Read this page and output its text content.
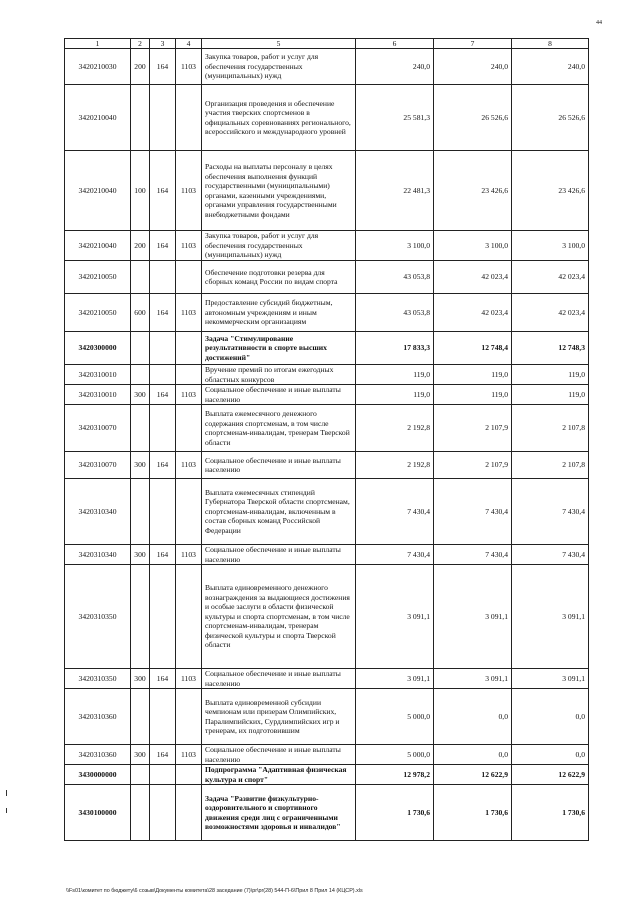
44
1	2	3	4	5	6	7	8
3420210030	200	164	1103	Закупка товаров, работ и услуг для обеспечения государственных (муниципальных) нужд	240,0	240,0	240,0
3420210040				Организация проведения и обеспечение участия тверских спортсменов в официальных соревнованиях регионального, всероссийского и международного уровней	25 581,3	26 526,6	26 526,6
3420210040	100	164	1103	Расходы на выплаты персоналу в целях обеспечения выполнения функций государственными (муниципальными) органами, казенными учреждениями, органами управления государственными внебюджетными фондами	22 481,3	23 426,6	23 426,6
3420210040	200	164	1103	Закупка товаров, работ и услуг для обеспечения государственных (муниципальных) нужд	3 100,0	3 100,0	3 100,0
3420210050				Обеспечение подготовки резерва для сборных команд России по видам спорта	43 053,8	42 023,4	42 023,4
3420210050	600	164	1103	Предоставление субсидий бюджетным, автономным учреждениям и иным некоммерческим организациям	43 053,8	42 023,4	42 023,4
3420300000				Задача "Стимулирование результативности в спорте высших достижений"	17 833,3	12 748,4	12 748,3
3420310010				Вручение премий по итогам ежегодных областных конкурсов	119,0	119,0	119,0
3420310010	300	164	1103	Социальное обеспечение и иные выплаты населению	119,0	119,0	119,0
3420310070				Выплата ежемесячного денежного содержания спортсменам, в том числе спортсменам-инвалидам, тренерам Тверской области	2 192,8	2 107,9	2 107,8
3420310070	300	164	1103	Социальное обеспечение и иные выплаты населению	2 192,8	2 107,9	2 107,8
3420310340				Выплата ежемесячных стипендий Губернатора Тверской области спортсменам, спортсменам-инвалидам, включенным в состав сборных команд Российской Федерации	7 430,4	7 430,4	7 430,4
3420310340	300	164	1103	Социальное обеспечение и иные выплаты населению	7 430,4	7 430,4	7 430,4
3420310350				Выплата единовременного денежного вознаграждения за выдающиеся достижения и особые заслуги в области физической культуры и спорта спортсменам, в том числе спортсменам-инвалидам, тренерам физической культуры и спорта Тверской области	3 091,1	3 091,1	3 091,1
3420310350	300	164	1103	Социальное обеспечение и иные выплаты населению	3 091,1	3 091,1	3 091,1
3420310360				Выплата единовременной субсидии чемпионам или призерам Олимпийских, Паралимпийских, Сурдлимпийских игр и тренерам, их подготовившим	5 000,0	0,0	0,0
3420310360	300	164	1103	Социальное обеспечение и иные выплаты населению	5 000,0	0,0	0,0
3430000000				Подпрограмма "Адаптивная физическая культура и спорт"	12 978,2	12 622,9	12 622,9
3430100000				Задача "Развитие физкультурно-оздоровительного и спортивного движения среди лиц с ограниченными возможностями здоровья и инвалидов"	1 730,6	1 730,6	1 730,6
\\Fs01\комитет по бюджету\6 созыв\Документы комитета\28 заседание (7)\pr\pr(28) 544-П-6\Прил 8 Прил 14 (КЦСР).xls
